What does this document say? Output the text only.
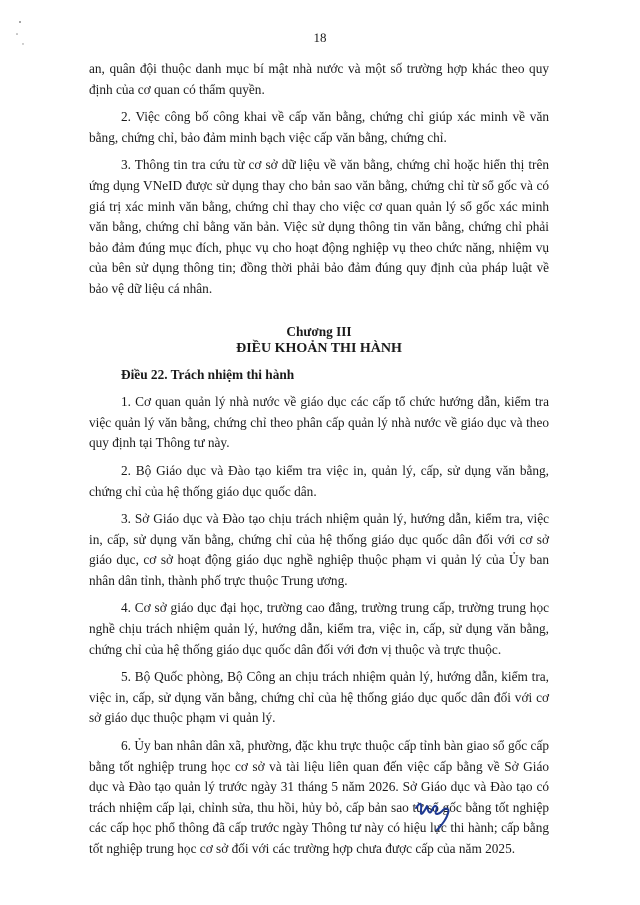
18

an, quân đội thuộc danh mục bí mật nhà nước và một số trường hợp khác theo quy định của cơ quan có thẩm quyền.

2. Việc công bố công khai về cấp văn bằng, chứng chỉ giúp xác minh về văn bằng, chứng chỉ, bảo đảm minh bạch việc cấp văn bằng, chứng chỉ.

3. Thông tin tra cứu từ cơ sở dữ liệu về văn bằng, chứng chỉ hoặc hiển thị trên ứng dụng VNeID được sử dụng thay cho bản sao văn bằng, chứng chỉ từ sổ gốc và có giá trị xác minh văn bằng, chứng chỉ thay cho việc cơ quan quản lý sổ gốc xác minh văn bằng, chứng chỉ bằng văn bản. Việc sử dụng thông tin văn bằng, chứng chỉ phải bảo đảm đúng mục đích, phục vụ cho hoạt động nghiệp vụ theo chức năng, nhiệm vụ của bên sử dụng thông tin; đồng thời phải bảo đảm đúng quy định của pháp luật về bảo vệ dữ liệu cá nhân.

Chương III
ĐIỀU KHOẢN THI HÀNH

Điều 22. Trách nhiệm thi hành

1. Cơ quan quản lý nhà nước về giáo dục các cấp tổ chức hướng dẫn, kiểm tra việc quản lý văn bằng, chứng chỉ theo phân cấp quản lý nhà nước về giáo dục và theo quy định tại Thông tư này.

2. Bộ Giáo dục và Đào tạo kiểm tra việc in, quản lý, cấp, sử dụng văn bằng, chứng chỉ của hệ thống giáo dục quốc dân.

3. Sở Giáo dục và Đào tạo chịu trách nhiệm quản lý, hướng dẫn, kiểm tra, việc in, cấp, sử dụng văn bằng, chứng chỉ của hệ thống giáo dục quốc dân đối với cơ sở giáo dục, cơ sở hoạt động giáo dục nghề nghiệp thuộc phạm vi quản lý của Ủy ban nhân dân tỉnh, thành phố trực thuộc Trung ương.

4. Cơ sở giáo dục đại học, trường cao đẳng, trường trung cấp, trường trung học nghề chịu trách nhiệm quản lý, hướng dẫn, kiểm tra, việc in, cấp, sử dụng văn bằng, chứng chỉ của hệ thống giáo dục quốc dân đối với đơn vị thuộc và trực thuộc.

5. Bộ Quốc phòng, Bộ Công an chịu trách nhiệm quản lý, hướng dẫn, kiểm tra, việc in, cấp, sử dụng văn bằng, chứng chỉ của hệ thống giáo dục quốc dân đối với cơ sở giáo dục thuộc phạm vi quản lý.

6. Ủy ban nhân dân xã, phường, đặc khu trực thuộc cấp tỉnh bàn giao sổ gốc cấp bằng tốt nghiệp trung học cơ sở và tài liệu liên quan đến việc cấp bằng về Sở Giáo dục và Đào tạo quản lý trước ngày 31 tháng 5 năm 2026. Sở Giáo dục và Đào tạo có trách nhiệm cấp lại, chỉnh sửa, thu hồi, hủy bỏ, cấp bản sao từ sổ gốc bằng tốt nghiệp các cấp học phổ thông đã cấp trước ngày Thông tư này có hiệu lực thi hành; cấp bằng tốt nghiệp trung học cơ sở đối với các trường hợp chưa được cấp của năm 2025.
